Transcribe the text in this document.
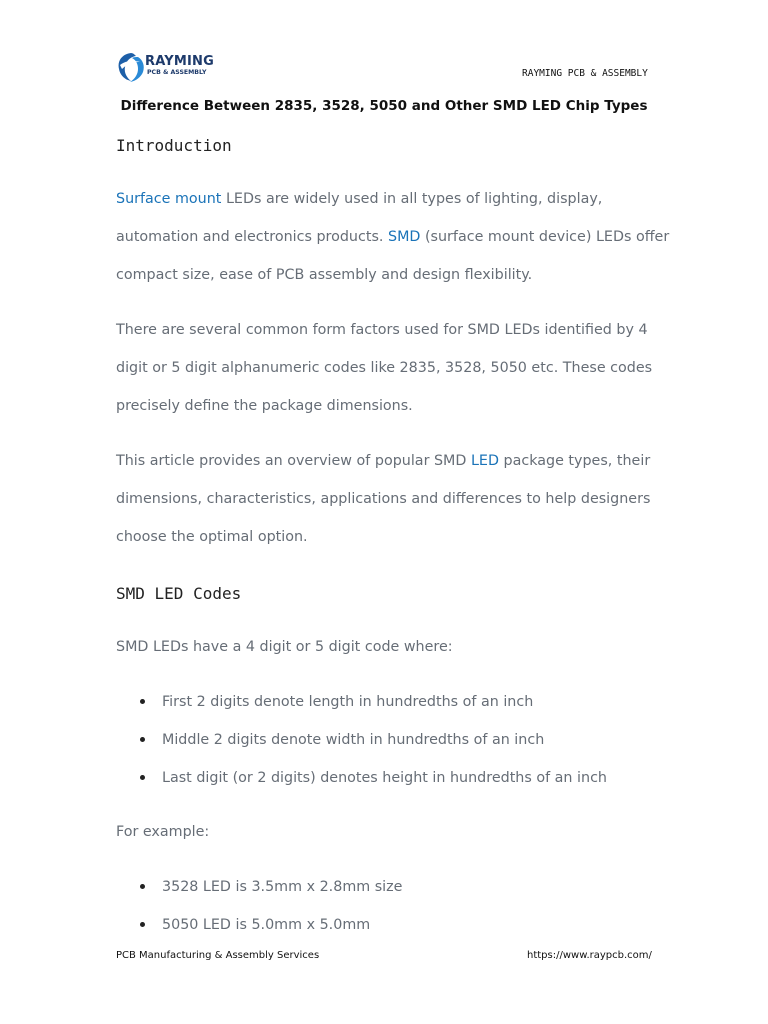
RAYMING
PCB & ASSEMBLY	RAYMING PCB & ASSEMBLY
Difference Between 2835, 3528, 5050 and Other SMD LED Chip Types
Introduction
Surface mount LEDs are widely used in all types of lighting, display, automation and electronics products. SMD (surface mount device) LEDs offer compact size, ease of PCB assembly and design flexibility.
There are several common form factors used for SMD LEDs identified by 4 digit or 5 digit alphanumeric codes like 2835, 3528, 5050 etc. These codes precisely define the package dimensions.
This article provides an overview of popular SMD LED package types, their dimensions, characteristics, applications and differences to help designers choose the optimal option.
SMD LED Codes
SMD LEDs have a 4 digit or 5 digit code where:
First 2 digits denote length in hundredths of an inch
Middle 2 digits denote width in hundredths of an inch
Last digit (or 2 digits) denotes height in hundredths of an inch
For example:
3528 LED is 3.5mm x 2.8mm size
5050 LED is 5.0mm x 5.0mm
PCB Manufacturing & Assembly Services	https://www.raypcb.com/
